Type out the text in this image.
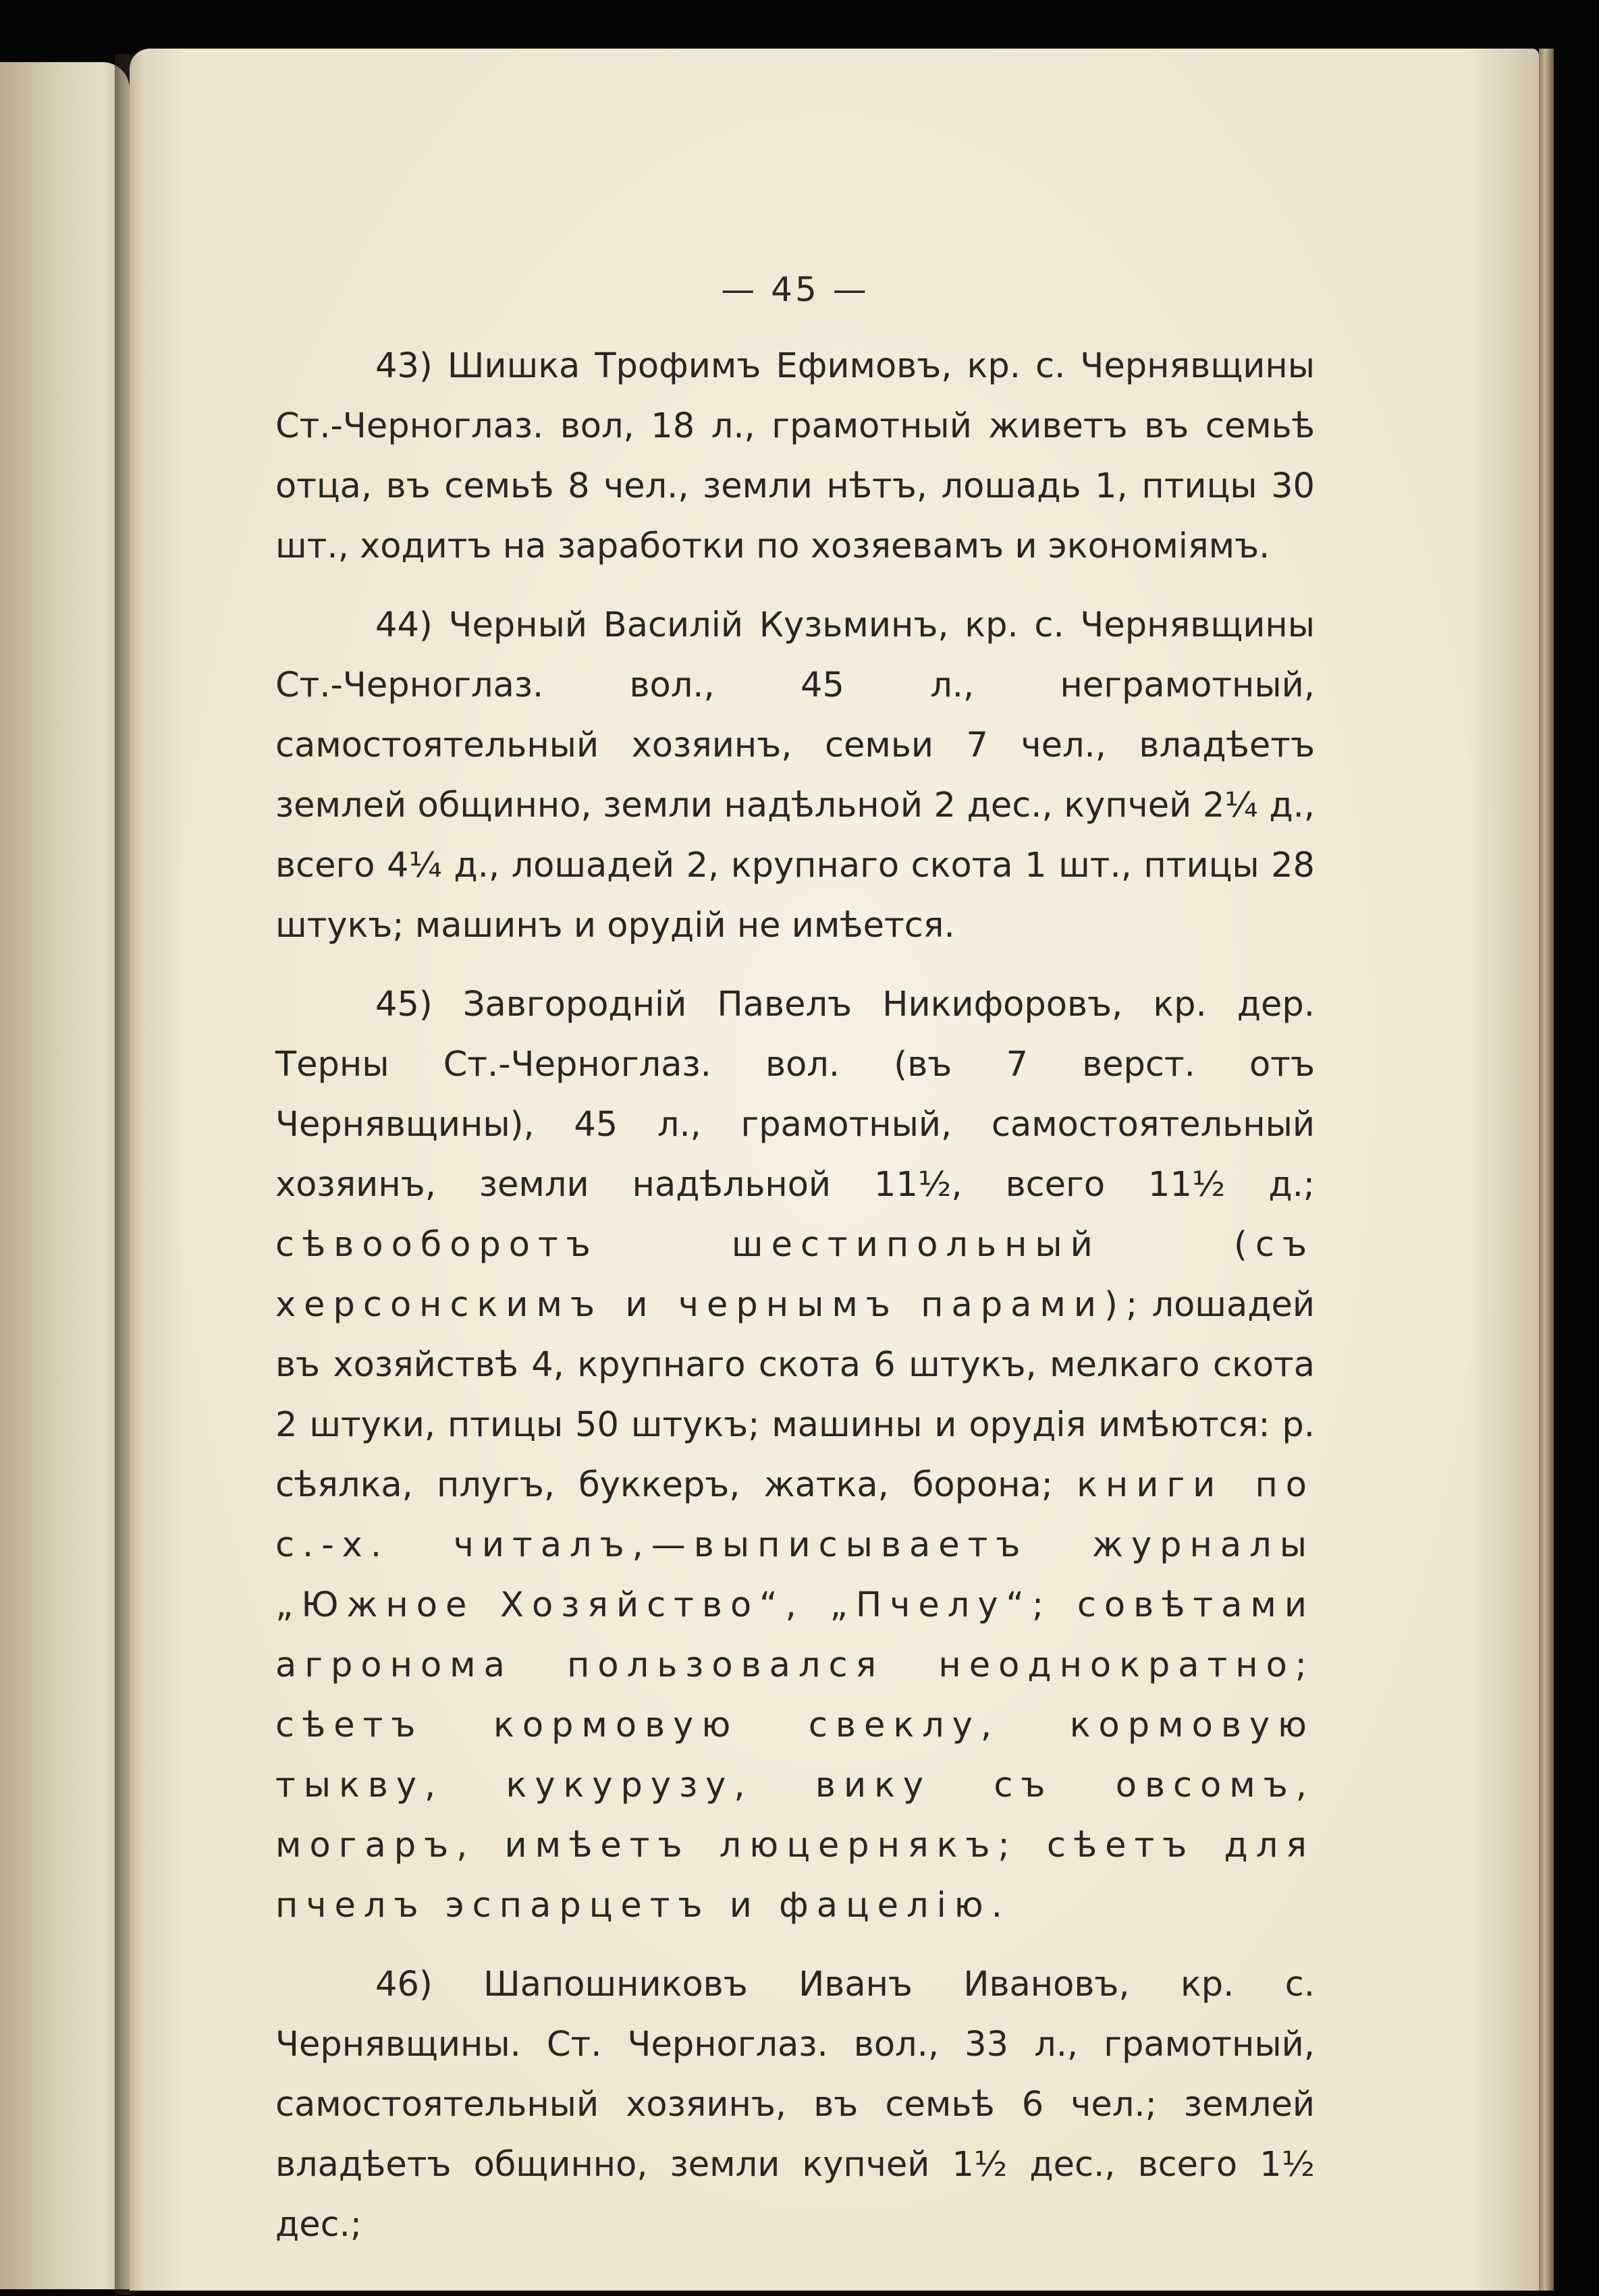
— 45 —

43) Шишка Трофимъ Ефимовъ, кр. с. Чернявщины Ст.-Черноглаз. вол, 18 л., грамотный живетъ въ семьѣ отца, въ семьѣ 8 чел., земли нѣтъ, лошадь 1, птицы 30 шт., ходитъ на заработки по хозяевамъ и экономіямъ.

44) Черный Василій Кузьминъ, кр. с. Чернявщины Ст.-Черноглаз. вол., 45 л., неграмотный, самостоятельный хозяинъ, семьи 7 чел., владѣетъ землей общинно, земли надѣльной 2 дес., купчей 2¼ д., всего 4¼ д., лошадей 2, крупнаго скота 1 шт., птицы 28 штукъ; машинъ и орудій не имѣется.

45) Завгородній Павелъ Никифоровъ, кр. дер. Терны Ст.-Черноглаз. вол. (въ 7 верст. отъ Чернявщины), 45 л., грамотный, самостоятельный хозяинъ, земли надѣльной 11½, всего 11½ д.; сѣвооборотъ шестипольный (съ херсонскимъ и чернымъ парами); лошадей въ хозяйствѣ 4, крупнаго скота 6 штукъ, мелкаго скота 2 штуки, птицы 50 штукъ; машины и орудія имѣются: р. сѣялка, плугъ, буккеръ, жатка, борона; книги по с.-х. читалъ,—выписываетъ журналы „Южное Хозяйство“, „Пчелу“; совѣтами агронома пользовался неоднократно; сѣетъ кормовую свеклу, кормовую тыкву, кукурузу, вику съ овсомъ, могаръ, имѣетъ люцернякъ; сѣетъ для пчелъ эспарцетъ и фацелію.

46) Шапошниковъ Иванъ Ивановъ, кр. с. Чернявщины. Ст. Черноглаз. вол., 33 л., грамотный, самостоятельный хозяинъ, въ семьѣ 6 чел.; землей владѣетъ общинно, земли купчей 1½ дес., всего 1½ дес.;
